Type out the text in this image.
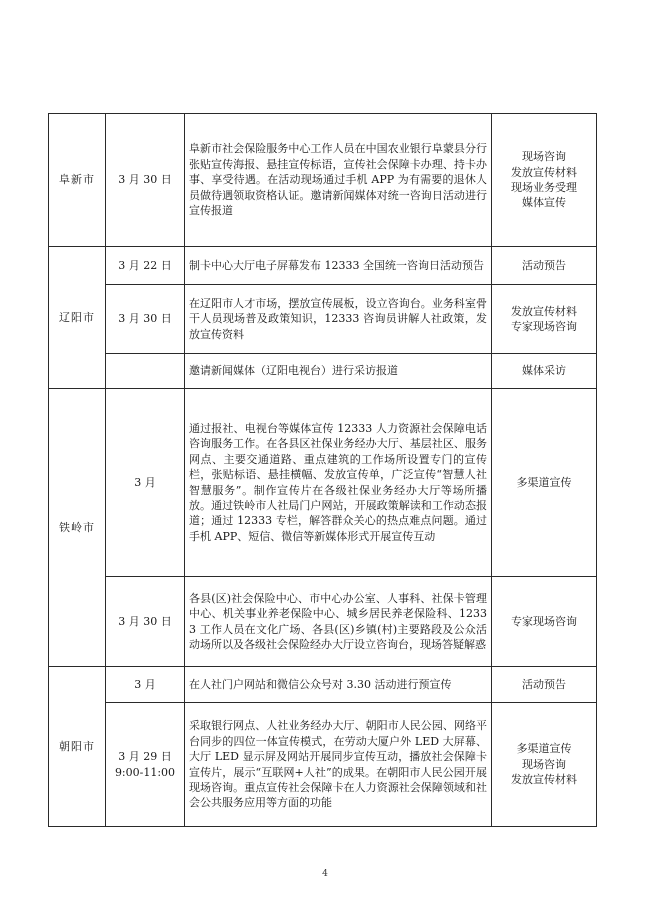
阜新市	3 月 30 日	阜新市社会保险服务中心工作人员在中国农业银行阜蒙县分行张贴宣传海报、悬挂宣传标语，宣传社会保障卡办理、持卡办事、享受待遇。在活动现场通过手机 APP 为有需要的退休人员做待遇领取资格认证。邀请新闻媒体对统一咨询日活动进行宣传报道	现场咨询
发放宣传材料
现场业务受理
媒体宣传

辽阳市	3 月 22 日	制卡中心大厅电子屏幕发布 12333 全国统一咨询日活动预告	活动预告

	3 月 30 日	在辽阳市人才市场，摆放宣传展板，设立咨询台。业务科室骨干人员现场普及政策知识，12333 咨询员讲解人社政策，发放宣传资料	发放宣传材料
专家现场咨询

		邀请新闻媒体（辽阳电视台）进行采访报道	媒体采访

铁岭市	3 月	通过报社、电视台等媒体宣传 12333 人力资源社会保障电话咨询服务工作。在各县区社保业务经办大厅、基层社区、服务网点、主要交通道路、重点建筑的工作场所设置专门的宣传栏，张贴标语、悬挂横幅、发放宣传单，广泛宣传“智慧人社 智慧服务”。制作宣传片在各级社保业务经办大厅等场所播放。通过铁岭市人社局门户网站，开展政策解读和工作动态报道；通过 12333 专栏，解答群众关心的热点难点问题。通过手机 APP、短信、微信等新媒体形式开展宣传互动	多渠道宣传

	3 月 30 日	各县(区)社会保险中心、市中心办公室、人事科、社保卡管理中心、机关事业养老保险中心、城乡居民养老保险科、12333 工作人员在文化广场、各县(区)乡镇(村)主要路段及公众活动场所以及各级社会保险经办大厅设立咨询台，现场答疑解惑	专家现场咨询

朝阳市	3 月	在人社门户网站和微信公众号对 3.30 活动进行预宣传	活动预告

	3 月 29 日
9:00-11:00	采取银行网点、人社业务经办大厅、朝阳市人民公园、网络平台同步的四位一体宣传模式，在劳动大厦户外 LED 大屏幕、大厅 LED 显示屏及网站开展同步宣传互动，播放社会保障卡宣传片，展示“互联网+人社”的成果。在朝阳市人民公园开展现场咨询。重点宣传社会保障卡在人力资源社会保障领域和社会公共服务应用等方面的功能	多渠道宣传
现场咨询
发放宣传材料
4
